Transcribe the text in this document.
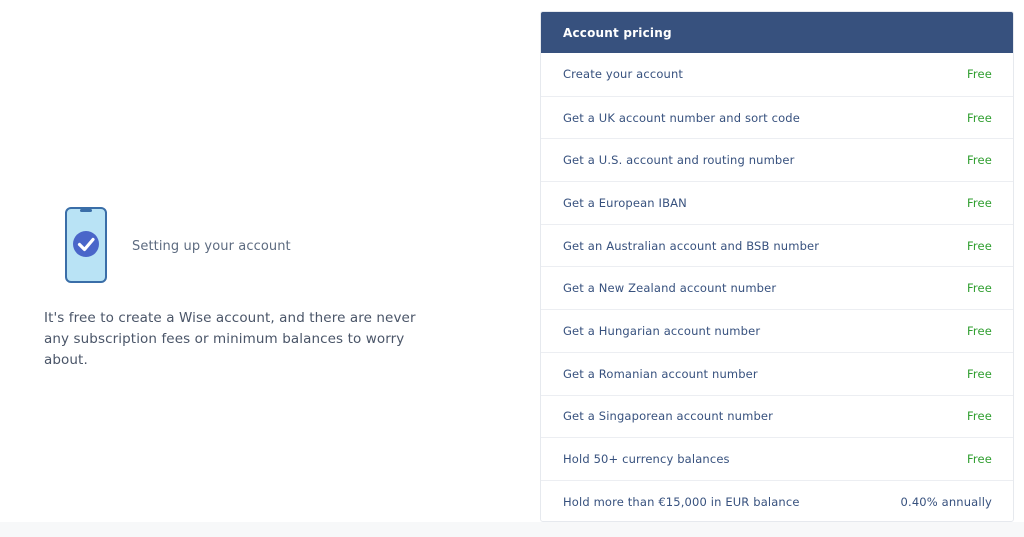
Setting up your account
It's free to create a Wise account, and there are never any subscription fees or minimum balances to worry about.
Account pricing
Create your account	Free
Get a UK account number and sort code	Free
Get a U.S. account and routing number	Free
Get a European IBAN	Free
Get an Australian account and BSB number	Free
Get a New Zealand account number	Free
Get a Hungarian account number	Free
Get a Romanian account number	Free
Get a Singaporean account number	Free
Hold 50+ currency balances	Free
Hold more than €15,000 in EUR balance	0.40% annually
